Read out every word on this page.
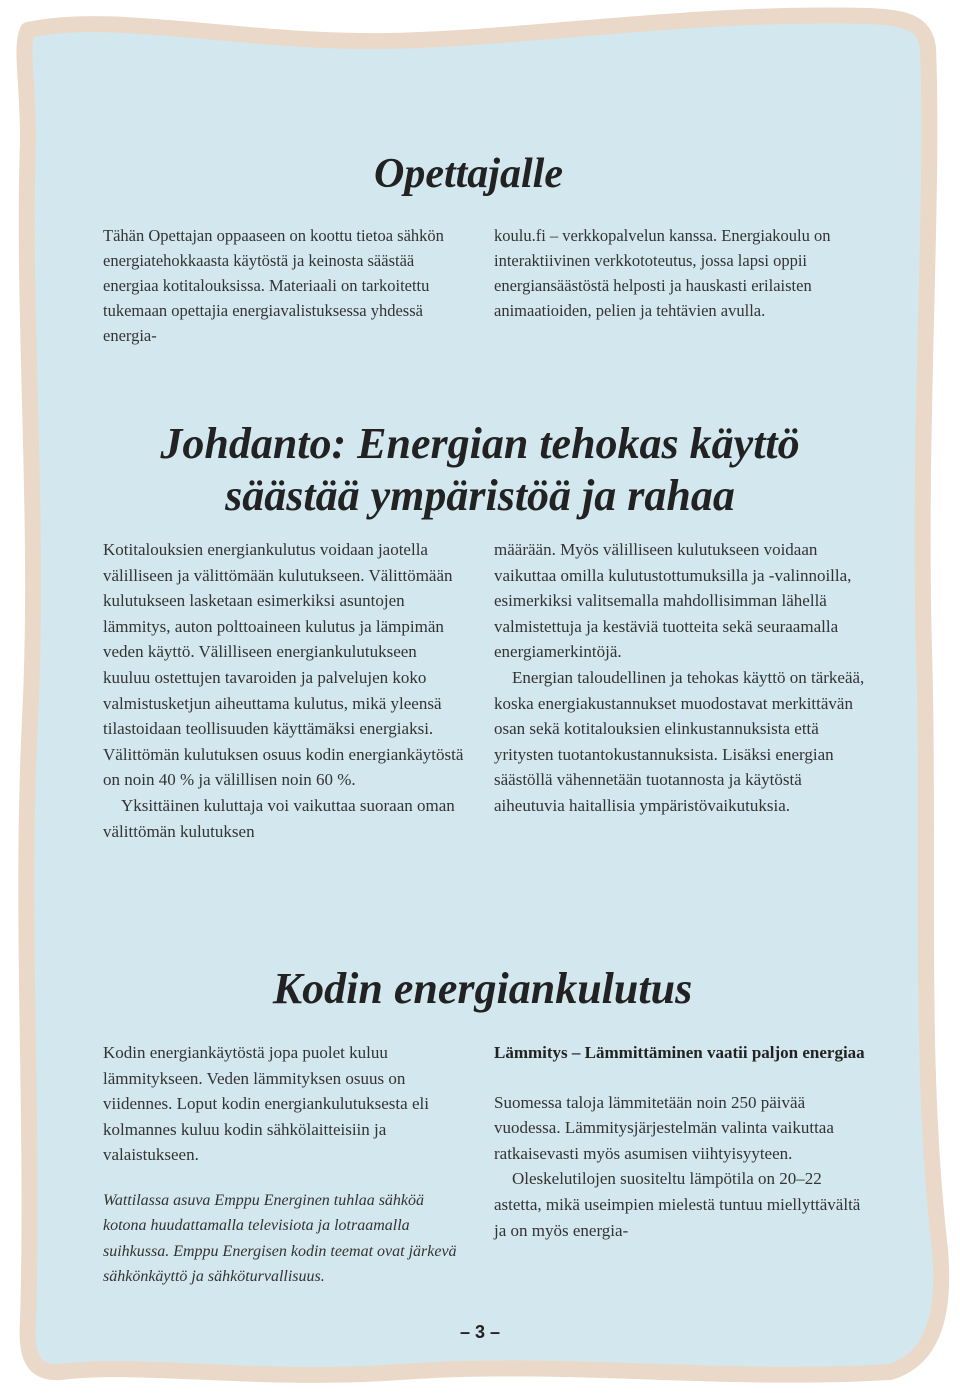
Opettajalle

Tähän Opettajan oppaaseen on koottu tietoa sähkön energiatehokkaasta käytöstä ja keinosta säästää energiaa kotitalouksissa. Materiaali on tarkoitettu tukemaan opettajia energiavalistuksessa yhdessä energia-

koulu.fi – verkkopalvelun kanssa. Energiakoulu on interaktiivinen verkkototeutus, jossa lapsi oppii energiansäästöstä helposti ja hauskasti erilaisten animaatioiden, pelien ja tehtävien avulla.

Johdanto: Energian tehokas käyttö
säästää ympäristöä ja rahaa

Kotitalouksien energiankulutus voidaan jaotella välilliseen ja välittömään kulutukseen. Välittömään kulutukseen lasketaan esimerkiksi asuntojen lämmitys, auton polttoaineen kulutus ja lämpimän veden käyttö. Välilliseen energiankulutukseen kuuluu ostettujen tavaroiden ja palvelujen koko valmistusketjun aiheuttama kulutus, mikä yleensä tilastoidaan teollisuuden käyttämäksi energiaksi. Välittömän kulutuksen osuus kodin energiankäytöstä on noin 40 % ja välillisen noin 60 %.

Yksittäinen kuluttaja voi vaikuttaa suoraan oman välittömän kulutuksen

määrään. Myös välilliseen kulutukseen voidaan vaikuttaa omilla kulutustottumuksilla ja -valinnoilla, esimerkiksi valitsemalla mahdollisimman lähellä valmistettuja ja kestäviä tuotteita sekä seuraamalla energiamerkintöjä.

Energian taloudellinen ja tehokas käyttö on tärkeää, koska energiakustannukset muodostavat merkittävän osan sekä kotitalouksien elinkustannuksista että yritysten tuotantokustannuksista. Lisäksi energian säästöllä vähennetään tuotannosta ja käytöstä aiheutuvia haitallisia ympäristövaikutuksia.

Kodin energiankulutus

Kodin energiankäytöstä jopa puolet kuluu lämmitykseen. Veden lämmityksen osuus on viidennes. Loput kodin energiankulutuksesta eli kolmannes kuluu kodin sähkölaitteisiin ja valaistukseen.

Wattilassa asuva Emppu Energinen tuhlaa sähköä kotona huudattamalla televisiota ja lotraamalla suihkussa. Emppu Energisen kodin teemat ovat järkevä sähkönkäyttö ja sähköturvallisuus.

Lämmitys – Lämmittäminen vaatii paljon energiaa

Suomessa taloja lämmitetään noin 250 päivää vuodessa. Lämmitysjärjestelmän valinta vaikuttaa ratkaisevasti myös asumisen viihtyisyyteen.

Oleskelutilojen suositeltu lämpötila on 20–22 astetta, mikä useimpien mielestä tuntuu miellyttävältä ja on myös energia-

– 3 –
